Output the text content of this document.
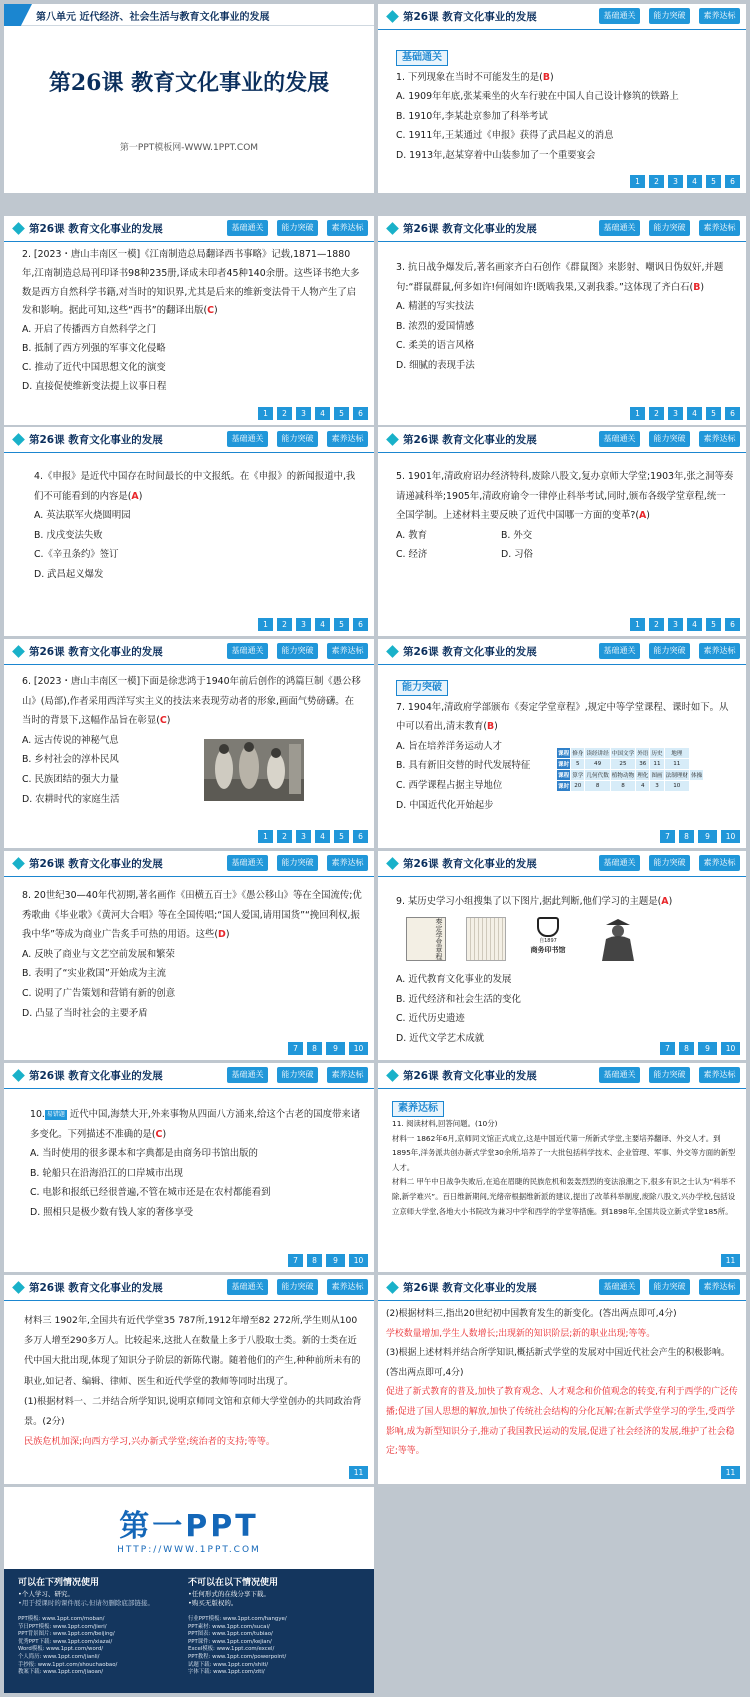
第八单元 近代经济、社会生活与教育文化事业的发展
第26课 教育文化事业的发展
第一PPT模板网-WWW.1PPT.COM
第26课 教育文化事业的发展	基础通关	能力突破	素养达标
基础通关

1. 下列现象在当时不可能发生的是(B)

A. 1909年年底,张某乘坐的火车行驶在中国人自己设计修筑的铁路上

B. 1910年,李某赴京参加了科举考试

C. 1911年,王某通过《申报》获得了武昌起义的消息

D. 1913年,赵某穿着中山装参加了一个重要宴会

1	2	3	4	5	6
第26课 教育文化事业的发展	基础通关	能力突破	素养达标

2. [2023・唐山丰南区一模]《江南制造总局翻译西书事略》记载,1871—1880年,江南制造总局刊印译书98种235册,译成未印者45种140余册。这些译书绝大多数是西方自然科学书籍,对当时的知识界,尤其是后来的维新变法骨干人物产生了启发和影响。据此可知,这些“西书”的翻译出版(C)

A. 开启了传播西方自然科学之门

B. 抵制了西方列强的军事文化侵略

C. 推动了近代中国思想文化的演变

D. 直接促使维新变法提上议事日程

1	2	3	4	5	6
第26课 教育文化事业的发展	基础通关	能力突破	素养达标

3. 抗日战争爆发后,著名画家齐白石创作《群鼠图》来影射、嘲讽日伪奴奸,并题句:“群鼠群鼠,何多如许!何闹如许!既啮我果,又剥我黍。”这体现了齐白石(B)

A. 精湛的写实技法

B. 浓烈的爱国情感

C. 柔美的语言风格

D. 细腻的表现手法

1	2	3	4	5	6
第26课 教育文化事业的发展	基础通关	能力突破	素养达标

4.《申报》是近代中国存在时间最长的中文报纸。在《申报》的新闻报道中,我们不可能看到的内容是(A)

A. 英法联军火烧圆明园

B. 戊戌变法失败

C.《辛丑条约》签订

D. 武昌起义爆发

1	2	3	4	5	6
第26课 教育文化事业的发展	基础通关	能力突破	素养达标

5. 1901年,清政府诏办经济特科,废除八股文,复办京师大学堂;1903年,张之洞等奏请递减科举;1905年,清政府谕令一律停止科举考试,同时,颁布各级学堂章程,统一全国学制。上述材料主要反映了近代中国哪一方面的变革?(A)

A. 教育	B. 外交
C. 经济	D. 习俗
1	2	3	4	5	6
第26课 教育文化事业的发展	基础通关	能力突破	素养达标

6. [2023・唐山丰南区一模]下面是徐悲鸿于1940年前后创作的鸿篇巨制《愚公移山》(局部),作者采用西洋写实主义的技法来表现劳动者的形象,画面气势磅礴。在当时的背景下,这幅作品旨在彰显(C)

A. 远古传说的神秘气息

B. 乡村社会的淳朴民风

C. 民族团结的强大力量

D. 农耕时代的家庭生活

1	2	3	4	5	6
第26课 教育文化事业的发展	基础通关	能力突破	素养达标
能力突破

7. 1904年,清政府学部颁布《奏定学堂章程》,规定中等学堂课程、课时如下。从中可以看出,清末教育(B)

A. 旨在培养洋务运动人才

B. 具有新旧交替的时代发展特征

C. 西学课程占据主导地位

D. 中国近代化开始起步

课程	修身	读经讲经	中国文学	外语	历史	地理	
课时	5	49	25	36	11	11	
课程	算学	几何代数	植物动物	理化	图画	法制理财	体操
课时	20	8	8	4	3	10	
7	8	9	10
第26课 教育文化事业的发展	基础通关	能力突破	素养达标

8. 20世纪30—40年代初期,著名画作《田横五百士》《愚公移山》等在全国流传;优秀歌曲《毕业歌》《黄河大合唱》等在全国传唱;“国人爱国,请用国货”“挽回利权,振我中华”等成为商业广告炙手可热的用语。这些(D)

A. 反映了商业与文艺空前发展和繁荣

B. 表明了“实业救国”开始成为主流

C. 说明了广告策划和营销有新的创意

D. 凸显了当时社会的主要矛盾

7	8	9	10
第26课 教育文化事业的发展	基础通关	能力突破	素养达标

9. 某历史学习小组搜集了以下图片,据此判断,他们学习的主题是(A)

奏定学堂章程	自1897
商务印书馆

A. 近代教育文化事业的发展

B. 近代经济和社会生活的变化

C. 近代历史遗迹

D. 近代文学艺术成就

7	8	9	10
第26课 教育文化事业的发展	基础通关	能力突破	素养达标

10. 易错题 近代中国,海禁大开,外来事物从四面八方涌来,给这个古老的国度带来诸多变化。下列描述不准确的是(C)

A. 当时使用的很多课本和字典都是由商务印书馆出版的

B. 轮船只在沿海沿江的口岸城市出现

C. 电影和报纸已经很普遍,不管在城市还是在农村都能看到

D. 照相只是极少数有钱人家的奢侈享受

7	8	9	10
第26课 教育文化事业的发展	基础通关	能力突破	素养达标
素养达标

11. 阅读材料,回答问题。(10分)

材料一 1862年6月,京师同文馆正式成立,这是中国近代第一所新式学堂,主要培养翻译、外交人才。到1895年,洋务派共创办新式学堂30余所,培养了一大批包括科学技术、企业管理、军事、外交等方面的新型人才。

材料二 甲午中日战争失败后,在追在眉睫的民族危机和轰轰烈烈的变法浪潮之下,很多有识之士认为“科举不除,新学难兴”。百日维新期间,光绪帝根据维新派的建议,提出了改革科举制度,废除八股文,兴办学校,包括设立京师大学堂,各地大小书院改为兼习中学和西学的学堂等措施。到1898年,全国共设立新式学堂185所。

11
第26课 教育文化事业的发展	基础通关	能力突破	素养达标

材料三 1902年,全国共有近代学堂35 787所,1912年增至82 272所,学生则从100多万人增至290多万人。比较起来,这批人在数量上多于八股取士类。新的士类在近代中国大批出现,体现了知识分子阶层的新陈代谢。随着他们的产生,种种前所未有的职业,如记者、编辑、律师、医生和近代学堂的教师等同时出现了。

(1)根据材料一、二并结合所学知识,说明京师同文馆和京师大学堂创办的共同政治背景。(2分)

民族危机加深;向西方学习,兴办新式学堂;统治者的支持;等等。

11
第26课 教育文化事业的发展	基础通关	能力突破	素养达标

(2)根据材料三,指出20世纪初中国教育发生的新变化。(答出两点即可,4分)

学校数量增加,学生人数增长;出现新的知识阶层;新的职业出现;等等。

(3)根据上述材料并结合所学知识,概括新式学堂的发展对中国近代社会产生的积极影响。(答出两点即可,4分)

促进了新式教育的普及,加快了教育观念、人才观念和价值观念的转变,有利于西学的广泛传播;促进了国人思想的解放,加快了传统社会结构的分化瓦解;在新式学堂学习的学生,受西学影响,成为新型知识分子,推动了我国教民运动的发展,促进了社会经济的发展,维护了社会稳定;等等。

11
第一PPT
HTTP://WWW.1PPT.COM
可以在下列情况使用
•个人学习、研究。
•用于授课时的课件展示,但请勿删除底部链接。
不可以在以下情况使用
•任何形式的在线分享下载。
•购买无版权的。
PPT模板: www.1ppt.com/moban/
节日PPT模板: www.1ppt.com/jieri/
PPT背景图片: www.1ppt.com/beijing/
优秀PPT下载: www.1ppt.com/xiazai/
Word模板: www.1ppt.com/word/
个人简历: www.1ppt.com/jianli/
手抄报: www.1ppt.com/shouchaobao/
教案下载: www.1ppt.com/jiaoan/
行业PPT模板: www.1ppt.com/hangye/
PPT素材: www.1ppt.com/sucai/
PPT图表: www.1ppt.com/tubiao/
PPT课件: www.1ppt.com/kejian/
Excel模板: www.1ppt.com/excel/
PPT教程: www.1ppt.com/powerpoint/
试题下载: www.1ppt.com/shiti/
字体下载: www.1ppt.com/ziti/
